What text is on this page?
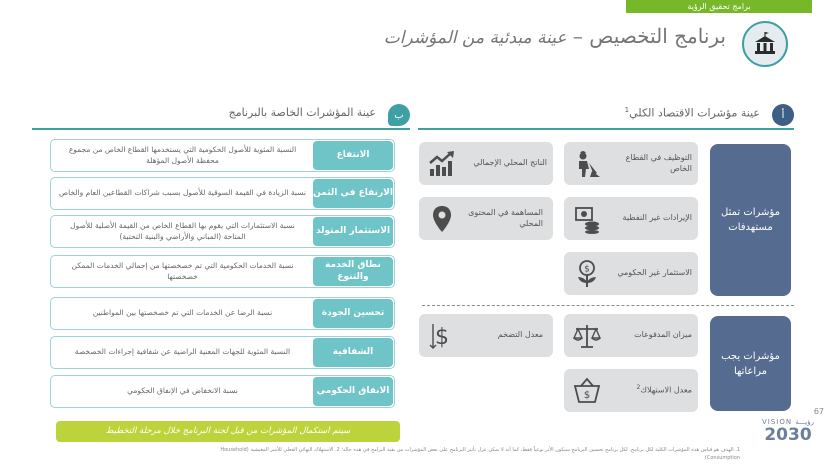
برامج تحقيق الرؤية
برنامج التخصيص – عينة مبدئية من المؤشرات
أ
عينة مؤشرات الاقتصاد الكلي$^1$
ب
عينة المؤشرات الخاصة بالبرنامج
مؤشرات تمثل مستهدفات
مؤشرات يجب مراعاتها
التوظيف في القطاع الخاص
الناتج المحلي الإجمالي
الإيرادات غير النفطية
المساهمة في المحتوى المحلي
الاستثمار غير الحكومي
$
ميزان المدفوعات
$	معدل التضخم
معدل الاستهلاك$^2$
$
الانتفاع
النسبة المئوية للأصول الحكومية التي يستخدمها القطاع الخاص من مجموع محفظة الأصول المؤهلة
الارتفاع في الثمن
نسبة الزيادة في القيمة السوقية للأصول بسبب شراكات القطاعين العام والخاص
الاستثمار المتولد
نسبة الاستثمارات التي يقوم بها القطاع الخاص من القيمة الأصلية للأصول المتاحة (المباني والأراضي والبنية التحتية)
نطاق الخدمة والتنوع
نسبة الخدمات الحكومية التي تم خصخصتها من إجمالي الخدمات الممكن خصخصتها
تحسين الجودة
نسبة الرضا عن الخدمات التي تم خصخصتها بين المواطنين
الشفافية
النسبة المئوية للجهات المعنية الراضية عن شفافية إجراءات الخصخصة
الانفاق الحكومي
نسبة الانخفاض في الإنفاق الحكومي
سيتم استكمال المؤشرات من قبل لجنة البرنامج خلال مرحلة التخطيط
67
VISION رؤيـــة
2030
1. الهدف هو قياس هذه المؤشرات الكلية لكل برنامج. لكل برنامج تحسين البرنامج سيكون الأثر نوعياً فقط، كما أنه لا يمكن عزل تأثير البرنامج على بعض المؤشرات من بقية البرامج في هذه حالة؛ 2. الاستهلاك النهائي الفعلي للأسر المعيشية (Household Consumption)
